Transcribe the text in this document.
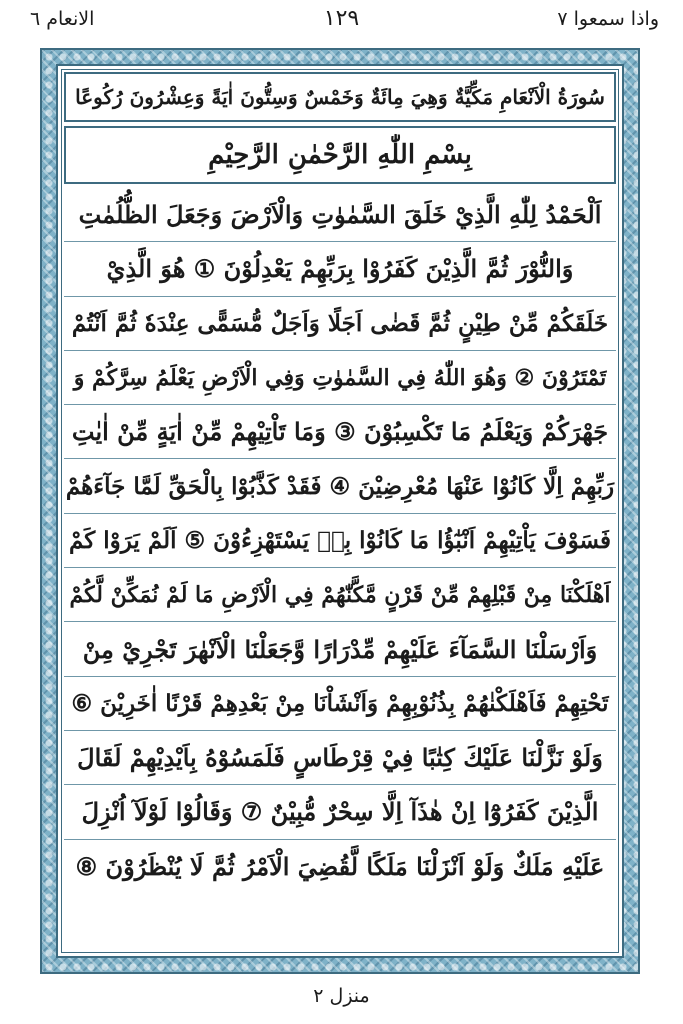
واذا سمعوا ۷
١٢٩
الانعام ٦
سُورَةُ الْاَنْعَامِ مَكِّيَّةٌ وَهِيَ مِائَةٌ وَخَمْسٌ وَسِتُّونَ اٰيَةً وَعِشْرُونَ رُكُوعًا
بِسْمِ اللّٰهِ الرَّحْمٰنِ الرَّحِيْمِ
اَلْحَمْدُ لِلّٰهِ الَّذِيْ خَلَقَ السَّمٰوٰتِ وَالْاَرْضَ وَجَعَلَ الظُّلُمٰتِ
وَالنُّوْرَ ثُمَّ الَّذِيْنَ كَفَرُوْا بِرَبِّهِمْ يَعْدِلُوْنَ ① هُوَ الَّذِيْ
خَلَقَكُمْ مِّنْ طِيْنٍ ثُمَّ قَضٰى اَجَلًا وَاَجَلٌ مُّسَمًّى عِنْدَهٗ ثُمَّ اَنْتُمْ
تَمْتَرُوْنَ ② وَهُوَ اللّٰهُ فِي السَّمٰوٰتِ وَفِي الْاَرْضِ يَعْلَمُ سِرَّكُمْ وَ
جَهْرَكُمْ وَيَعْلَمُ مَا تَكْسِبُوْنَ ③ وَمَا تَاْتِيْهِمْ مِّنْ اٰيَةٍ مِّنْ اٰيٰتِ
رَبِّهِمْ اِلَّا كَانُوْا عَنْهَا مُعْرِضِيْنَ ④ فَقَدْ كَذَّبُوْا بِالْحَقِّ لَمَّا جَآءَهُمْ
فَسَوْفَ يَاْتِيْهِمْ اَنْبٰٓؤُا مَا كَانُوْا بِهٖ يَسْتَهْزِءُوْنَ ⑤ اَلَمْ يَرَوْا كَمْ
اَهْلَكْنَا مِنْ قَبْلِهِمْ مِّنْ قَرْنٍ مَّكَّنّٰهُمْ فِي الْاَرْضِ مَا لَمْ نُمَكِّنْ لَّكُمْ
وَاَرْسَلْنَا السَّمَآءَ عَلَيْهِمْ مِّدْرَارًا وَّجَعَلْنَا الْاَنْهٰرَ تَجْرِيْ مِنْ
تَحْتِهِمْ فَاَهْلَكْنٰهُمْ بِذُنُوْبِهِمْ وَاَنْشَاْنَا مِنْ بَعْدِهِمْ قَرْنًا اٰخَرِيْنَ ⑥
وَلَوْ نَزَّلْنَا عَلَيْكَ كِتٰبًا فِيْ قِرْطَاسٍ فَلَمَسُوْهُ بِاَيْدِيْهِمْ لَقَالَ
الَّذِيْنَ كَفَرُوْٓا اِنْ هٰذَآ اِلَّا سِحْرٌ مُّبِيْنٌ ⑦ وَقَالُوْا لَوْلَآ اُنْزِلَ
عَلَيْهِ مَلَكٌ وَلَوْ اَنْزَلْنَا مَلَكًا لَّقُضِيَ الْاَمْرُ ثُمَّ لَا يُنْظَرُوْنَ ⑧
منزل ٢
